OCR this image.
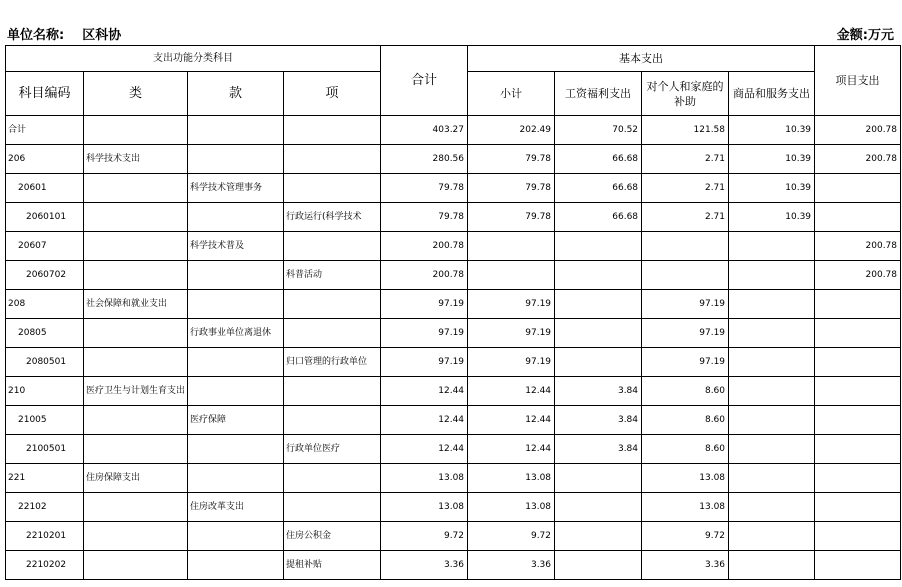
单位名称: 区科协	金额:万元
支出功能分类科目				合计	基本支出				项目支出
科目编码	类	款	项		小计	工资福利支出	对个人和家庭的补助	商品和服务支出	
合计				403.27	202.49	70.52	121.58	10.39	200.78
206	科学技术支出			280.56	79.78	66.68	2.71	10.39	200.78
20601		科学技术管理事务		79.78	79.78	66.68	2.71	10.39	
2060101			行政运行(科学技术	79.78	79.78	66.68	2.71	10.39	
20607		科学技术普及		200.78					200.78
2060702			科普活动	200.78					200.78
208	社会保障和就业支出			97.19	97.19		97.19		
20805		行政事业单位离退休		97.19	97.19		97.19		
2080501			归口管理的行政单位	97.19	97.19		97.19		
210	医疗卫生与计划生育支出			12.44	12.44	3.84	8.60		
21005		医疗保障		12.44	12.44	3.84	8.60		
2100501			行政单位医疗	12.44	12.44	3.84	8.60		
221	住房保障支出			13.08	13.08		13.08		
22102		住房改革支出		13.08	13.08		13.08		
2210201			住房公积金	9.72	9.72		9.72		
2210202			提租补贴	3.36	3.36		3.36		
